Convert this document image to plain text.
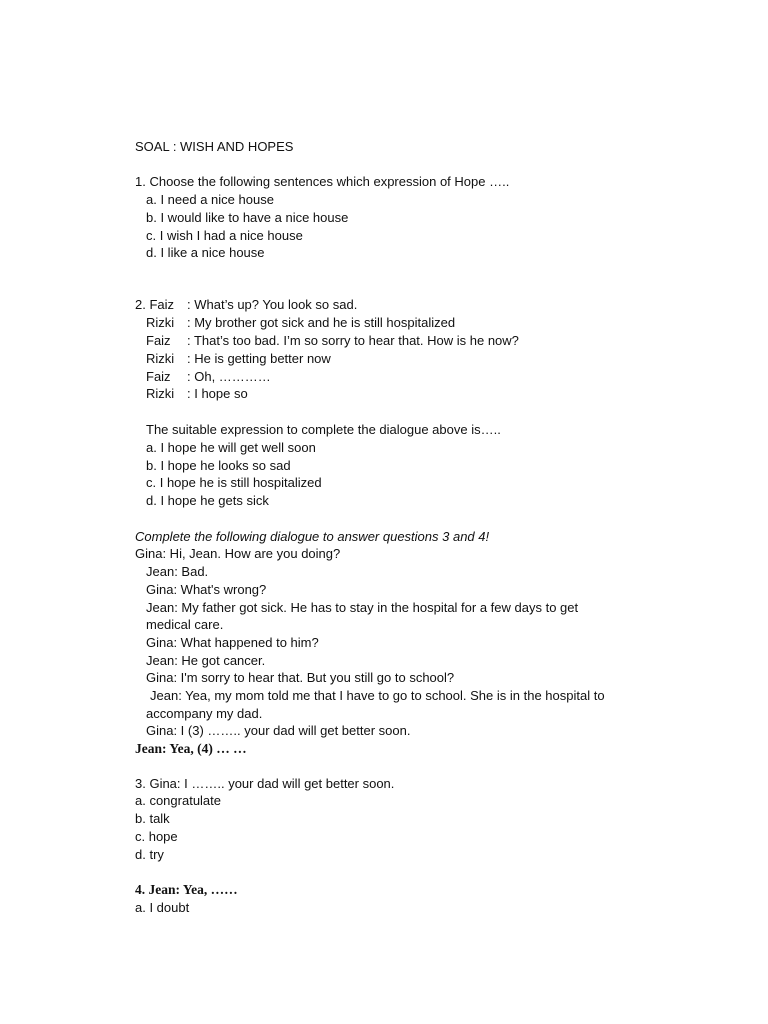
SOAL : WISH AND HOPES
1. Choose the following sentences which expression of Hope …..
a. I need a nice house
b. I would like to have a nice house
c. I wish I had a nice house
d. I like a nice house
2. Faiz : What’s up? You look so sad.
Rizki : My brother got sick and he is still hospitalized
Faiz : That’s too bad. I’m so sorry to hear that. How is he now?
Rizki : He is getting better now
Faiz : Oh, …………
Rizki : I hope so
The suitable expression to complete the dialogue above is…..
a. I hope he will get well soon
b. I hope he looks so sad
c. I hope he is still hospitalized
d. I hope he gets sick
Complete the following dialogue to answer questions 3 and 4!
Gina: Hi, Jean. How are you doing?
Jean: Bad.
Gina: What's wrong?
Jean: My father got sick. He has to stay in the hospital for a few days to get
medical care.
Gina: What happened to him?
Jean: He got cancer.
Gina: I'm sorry to hear that. But you still go to school?
Jean: Yea, my mom told me that I have to go to school. She is in the hospital to
accompany my dad.
Gina: I (3) …….. your dad will get better soon.
Jean: Yea, (4) … …
3. Gina: I …….. your dad will get better soon.
a. congratulate
b. talk
c. hope
d. try
4. Jean: Yea, ……
a. I doubt
